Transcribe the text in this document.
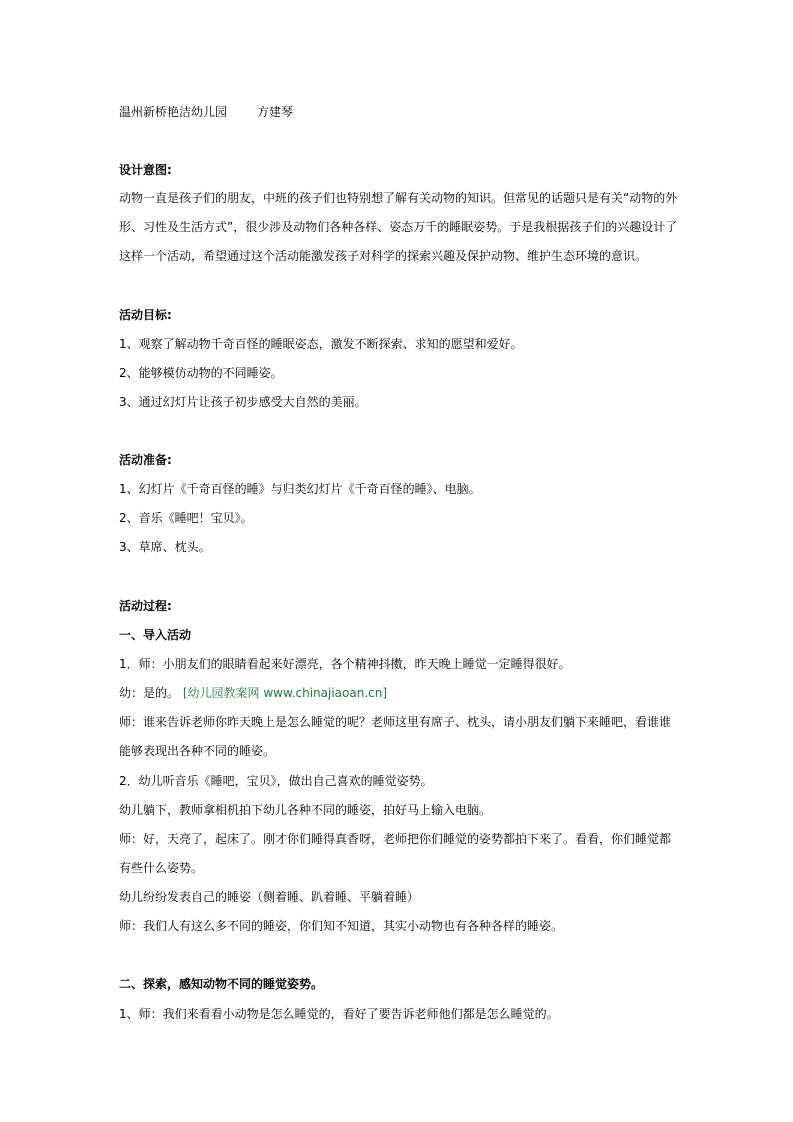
温州新桥艳洁幼儿园	方建琴
设计意图:
动物一直是孩子们的朋友，中班的孩子们也特别想了解有关动物的知识。但常见的话题只是有关“动物的外
形、习性及生活方式”，很少涉及动物们各种各样、姿态万千的睡眠姿势。于是我根据孩子们的兴趣设计了
这样一个活动，希望通过这个活动能激发孩子对科学的探索兴趣及保护动物、维护生态环境的意识。
活动目标:
1、观察了解动物千奇百怪的睡眠姿态，激发不断探索、求知的愿望和爱好。
2、能够模仿动物的不同睡姿。
3、通过幻灯片让孩子初步感受大自然的美丽。
活动准备:
1、幻灯片《千奇百怪的睡》与归类幻灯片《千奇百怪的睡》、电脑。
2、音乐《睡吧！宝贝》。
3、草席、枕头。
活动过程:
一、导入活动
1．师：小朋友们的眼睛看起来好漂亮，各个精神抖擞，昨天晚上睡觉一定睡得很好。
幼：是的。 [幼儿园教案网 www.chinajiaoan.cn]
师：谁来告诉老师你昨天晚上是怎么睡觉的呢？老师这里有席子、枕头，请小朋友们躺下来睡吧，看谁谁
能够表现出各种不同的睡姿。
2．幼儿听音乐《睡吧，宝贝》，做出自己喜欢的睡觉姿势。
幼儿躺下，教师拿相机拍下幼儿各种不同的睡姿，拍好马上输入电脑。
师：好，天亮了，起床了。刚才你们睡得真香呀，老师把你们睡觉的姿势都拍下来了。看看，你们睡觉都
有些什么姿势。
幼儿纷纷发表自己的睡姿（侧着睡、趴着睡、平躺着睡）
师：我们人有这么多不同的睡姿，你们知不知道，其实小动物也有各种各样的睡姿。
二、探索，感知动物不同的睡觉姿势。
1、师：我们来看看小动物是怎么睡觉的，看好了要告诉老师他们都是怎么睡觉的。
